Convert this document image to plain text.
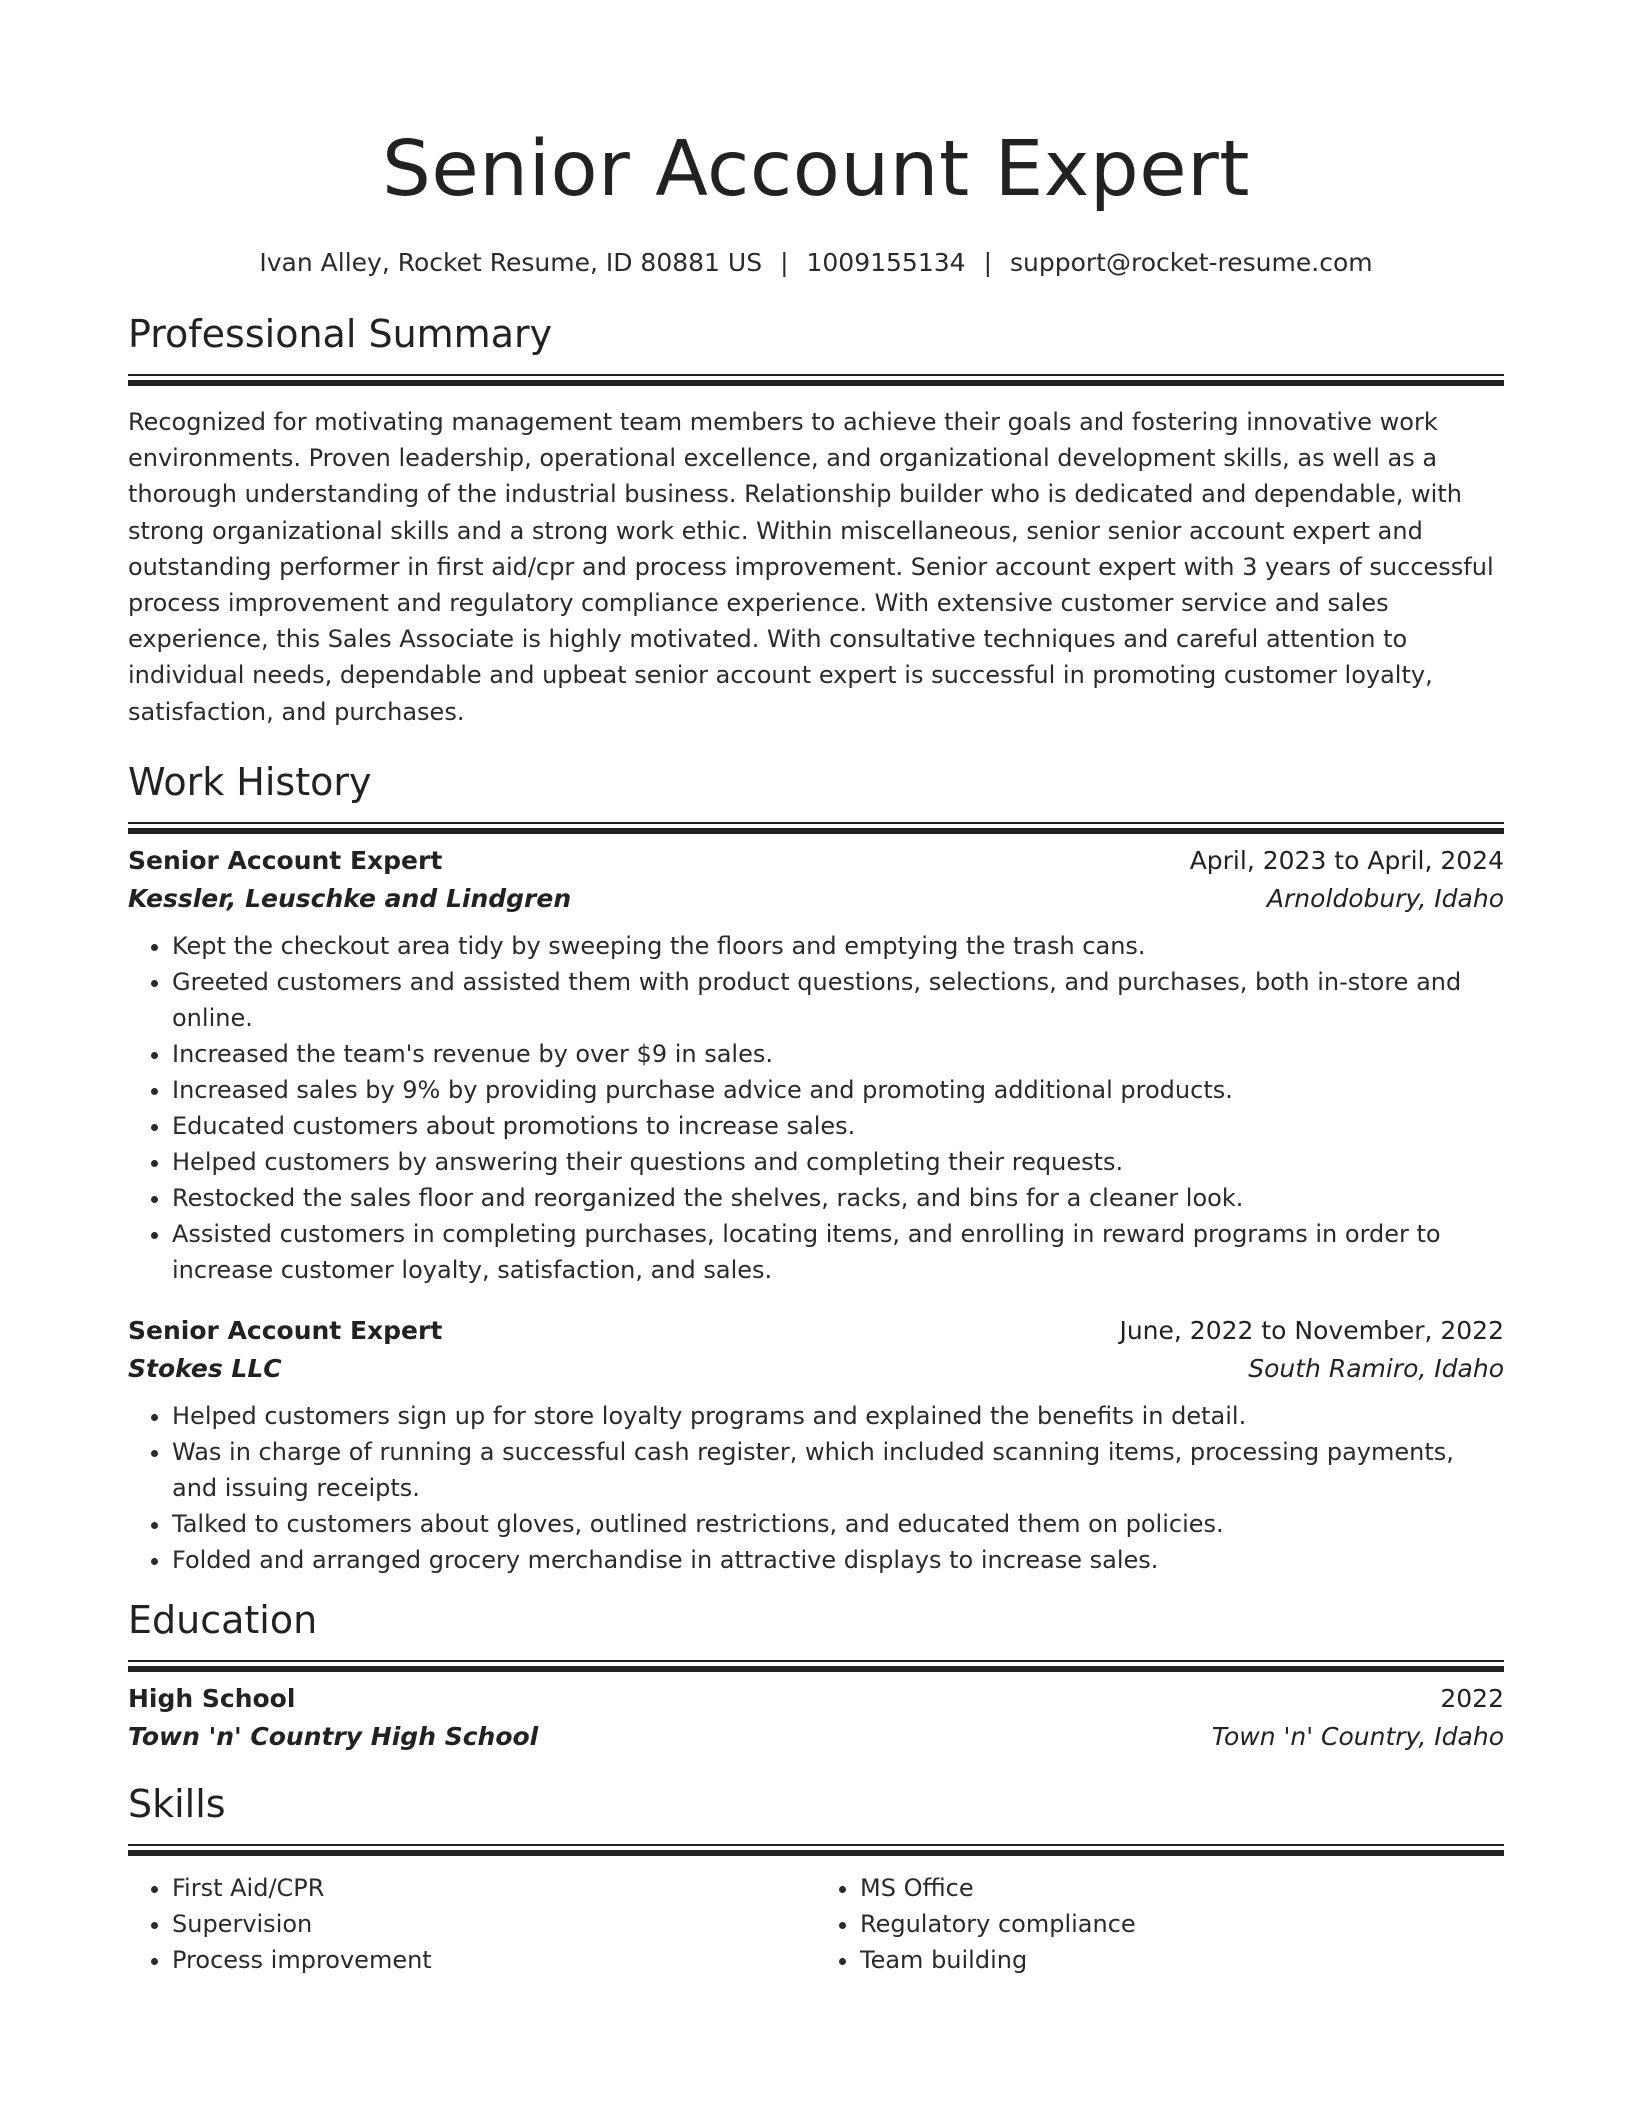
Senior Account Expert
Ivan Alley, Rocket Resume, ID 80881 US | 1009155134 | support@rocket-resume.com
Professional Summary
Recognized for motivating management team members to achieve their goals and fostering innovative work environments. Proven leadership, operational excellence, and organizational development skills, as well as a thorough understanding of the industrial business. Relationship builder who is dedicated and dependable, with strong organizational skills and a strong work ethic. Within miscellaneous, senior senior account expert and outstanding performer in first aid/cpr and process improvement. Senior account expert with 3 years of successful process improvement and regulatory compliance experience. With extensive customer service and sales experience, this Sales Associate is highly motivated. With consultative techniques and careful attention to individual needs, dependable and upbeat senior account expert is successful in promoting customer loyalty, satisfaction, and purchases.
Work History
Senior Account Expert	April, 2023 to April, 2024
Kessler, Leuschke and Lindgren	Arnoldobury, Idaho
• Kept the checkout area tidy by sweeping the floors and emptying the trash cans.
• Greeted customers and assisted them with product questions, selections, and purchases, both in-store and online.
• Increased the team's revenue by over $9 in sales.
• Increased sales by 9% by providing purchase advice and promoting additional products.
• Educated customers about promotions to increase sales.
• Helped customers by answering their questions and completing their requests.
• Restocked the sales floor and reorganized the shelves, racks, and bins for a cleaner look.
• Assisted customers in completing purchases, locating items, and enrolling in reward programs in order to increase customer loyalty, satisfaction, and sales.
Senior Account Expert	June, 2022 to November, 2022
Stokes LLC	South Ramiro, Idaho
• Helped customers sign up for store loyalty programs and explained the benefits in detail.
• Was in charge of running a successful cash register, which included scanning items, processing payments, and issuing receipts.
• Talked to customers about gloves, outlined restrictions, and educated them on policies.
• Folded and arranged grocery merchandise in attractive displays to increase sales.
Education
High School	2022
Town 'n' Country High School	Town 'n' Country, Idaho
Skills
• First Aid/CPR
• Supervision
• Process improvement
• MS Office
• Regulatory compliance
• Team building
